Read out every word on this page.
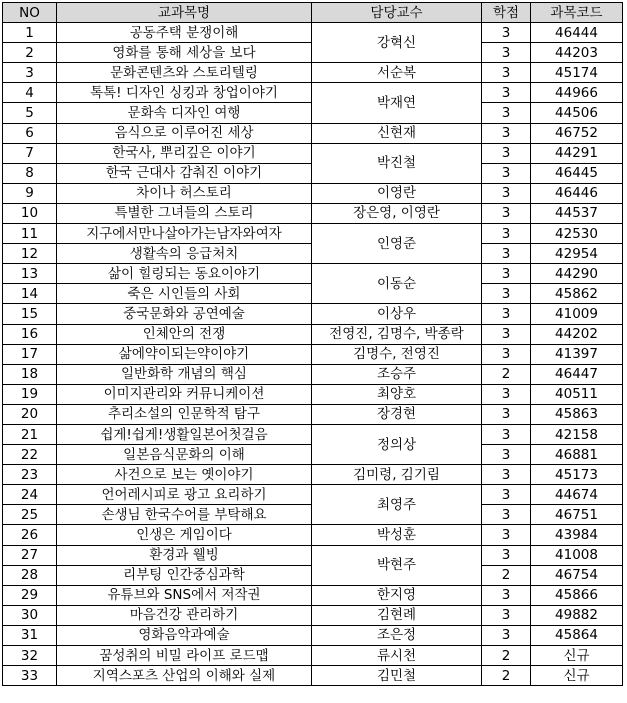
NO	교과목명	담당교수	학점	과목코드
1	공동주택 분쟁이해	강혁신	3	46444
2	영화를 통해 세상을 보다		3	44203
3	문화콘텐츠와 스토리텔링	서순복	3	45174
4	톡톡! 디자인 싱킹과 창업이야기	박재연	3	44966
5	문화속 디자인 여행		3	44506
6	음식으로 이루어진 세상	신현재	3	46752
7	한국사, 뿌리깊은 이야기	박진철	3	44291
8	한국 근대사 감춰진 이야기		3	46445
9	차이나 허스토리	이영란	3	46446
10	특별한 그녀들의 스토리	장은영, 이영란	3	44537
11	지구에서만나살아가는남자와여자	인영준	3	42530
12	생활속의 응급처치		3	42954
13	삶이 힐링되는 동요이야기	이동순	3	44290
14	죽은 시인들의 사회		3	45862
15	중국문화와 공연예술	이상우	3	41009
16	인체안의 전쟁	전영진, 김명수, 박종락	3	44202
17	삶에약이되는약이야기	김명수, 전영진	3	41397
18	일반화학 개념의 핵심	조승주	2	46447
19	이미지관리와 커뮤니케이션	최양호	3	40511
20	추리소설의 인문학적 탐구	장경현	3	45863
21	쉽게!쉽게!생활일본어첫걸음	정의상	3	42158
22	일본음식문화의 이해		3	46881
23	사건으로 보는 옛이야기	김미령, 김기림	3	45173
24	언어레시피로 광고 요리하기	최영주	3	44674
25	손생님 한국수어를 부탁해요		3	46751
26	인생은 게임이다	박성훈	3	43984
27	환경과 웰빙	박현주	3	41008
28	리부팅 인간중심과학		2	46754
29	유튜브와 SNS에서 저작권	한지영	3	45866
30	마음건강 관리하기	김현례	3	49882
31	영화음악과예술	조은정	3	45864
32	꿈성취의 비밀 라이프 로드맵	류시천	2	신규
33	지역스포츠 산업의 이해와 실제	김민철	2	신규
